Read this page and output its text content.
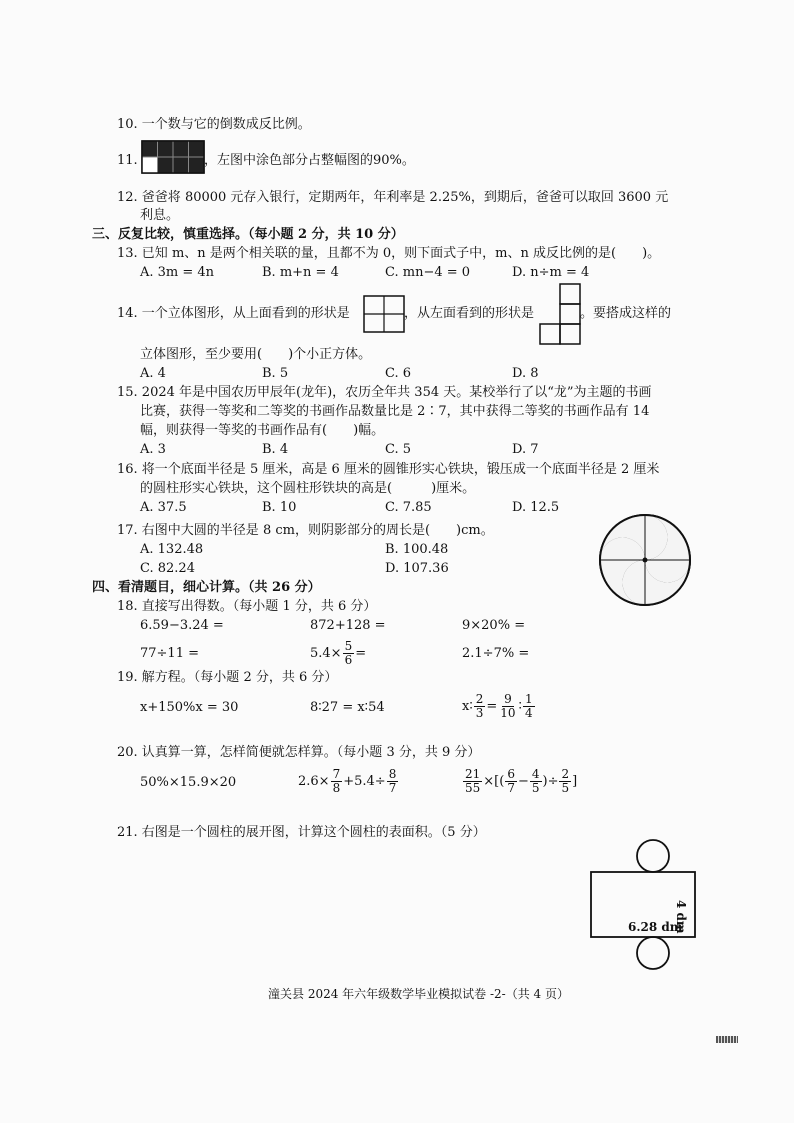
10. 一个数与它的倒数成反比例。
11.	，左图中涂色部分占整幅图的90%。
12. 爸爸将 80000 元存入银行，定期两年，年利率是 2.25%，到期后，爸爸可以取回 3600 元
利息。
三、反复比较，慎重选择。（每小题 2 分，共 10 分）
13. 已知 m、n 是两个相关联的量，且都不为 0，则下面式子中，m、n 成反比例的是(　　)。
A. 3m = 4n	B. m+n = 4	C. mn−4 = 0	D. n÷m = 4
14. 一个立体图形，从上面看到的形状是	，从左面看到的形状是	。要搭成这样的
立体图形，至少要用(　　)个小正方体。
A. 4	B. 5	C. 6	D. 8
15. 2024 年是中国农历甲辰年(龙年)，农历全年共 354 天。某校举行了以“龙”为主题的书画
比赛，获得一等奖和二等奖的书画作品数量比是 2∶7，其中获得二等奖的书画作品有 14
幅，则获得一等奖的书画作品有(　　)幅。
A. 3	B. 4	C. 5	D. 7
16. 将一个底面半径是 5 厘米，高是 6 厘米的圆锥形实心铁块，锻压成一个底面半径是 2 厘米
的圆柱形实心铁块，这个圆柱形铁块的高是(　　　)厘米。
A. 37.5	B. 10	C. 7.85	D. 12.5
17. 右图中大圆的半径是 8 cm，则阴影部分的周长是(　　)cm。
A. 132.48	B. 100.48
C. 82.24	D. 107.36
四、看清题目，细心计算。（共 26 分）
18. 直接写出得数。（每小题 1 分，共 6 分）
6.59−3.24 =	872+128 =	9×20% =
77÷11 =	$5.4\times \frac{5}{6}$ =	2.1÷7% =
19. 解方程。（每小题 2 分，共 6 分）
x+150%x = 30	8∶27 = x∶54	x∶ $\frac{2}{3} = \frac{9}{10}$ ∶ $\frac{1}{4}$
20. 认真算一算，怎样简便就怎样算。（每小题 3 分，共 9 分）
50%×15.9×20	$2.6\times \frac{7}{8} +5.4\div \frac{8}{7}$	$\frac{21}{55}$ ×[( $\frac{6}{7} - \frac{4}{5}$ )÷ $\frac{2}{5}$ ]
21. 右图是一个圆柱的展开图，计算这个圆柱的表面积。（5 分）
6.28 dm
4 dm
潼关县 2024 年六年级数学毕业模拟试卷 -2-（共 4 页）
